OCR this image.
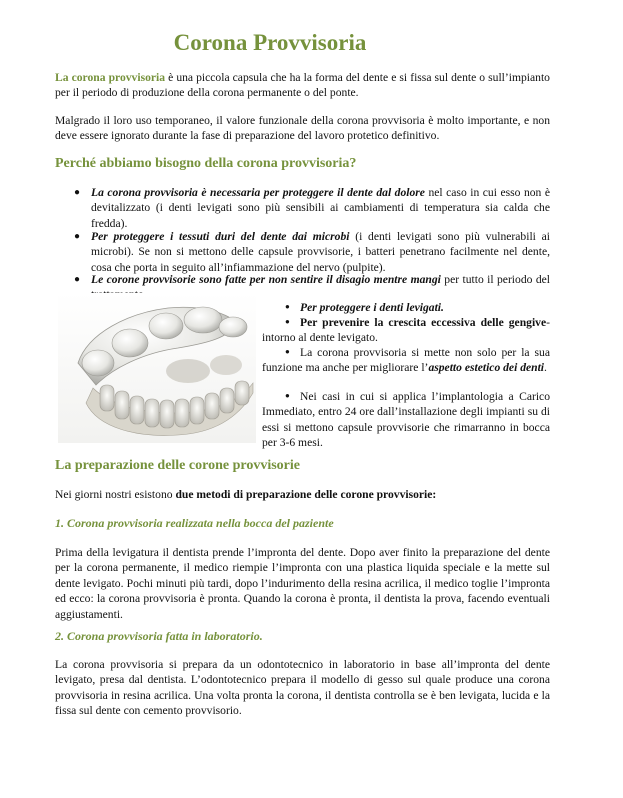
Corona Provvisoria
La corona provvisoria è una piccola capsula che ha la forma del dente e si fissa sul dente o sull’impianto per il periodo di produzione della corona permanente o del ponte.
Malgrado il loro uso temporaneo, il valore funzionale della corona provvisoria è molto importante, e non deve essere ignorato durante la fase di preparazione del lavoro protetico definitivo.
Perché abbiamo bisogno della corona provvisoria?
● La corona provvisoria è necessaria per proteggere il dente dal dolore nel caso in cui esso non è devitalizzato (i denti levigati sono più sensibili ai cambiamenti di temperatura sia calda che fredda).
● Per proteggere i tessuti duri del dente dai microbi (i denti levigati sono più vulnerabili ai microbi). Se non si mettono delle capsule provvisorie, i batteri penetrano facilmente nel dente, cosa che porta in seguito all’infiammazione del nervo (pulpite).
● Le corone provvisorie sono fatte per non sentire il disagio mentre mangi per tutto il periodo del
● Per proteggere i denti levigati.
● Per prevenire la crescita eccessiva delle gengive- intorno al dente levigato.
● La corona provvisoria si mette non solo per la sua funzione ma anche per migliorare l’aspetto estetico dei denti.
● Nei casi in cui si applica l’implantologia a Carico Immediato, entro 24 ore dall’installazione degli impianti su di essi si mettono capsule provvisorie che rimarranno in bocca per 3-6 mesi.
La preparazione delle corone provvisorie
Nei giorni nostri esistono due metodi di preparazione delle corone provvisorie:
1. Corona provvisoria realizzata nella bocca del paziente
Prima della levigatura il dentista prende l’impronta del dente. Dopo aver finito la preparazione del dente per la corona permanente, il medico riempie l’impronta con una plastica liquida speciale e la mette sul dente levigato. Pochi minuti più tardi, dopo l’indurimento della resina acrilica, il medico toglie l’impronta ed ecco: la corona provvisoria è pronta. Quando la corona è pronta, il dentista la prova, facendo eventuali aggiustamenti.
2. Corona provvisoria fatta in laboratorio.
La corona provvisoria si prepara da un odontotecnico in laboratorio in base all’impronta del dente levigato, presa dal dentista. L’odontotecnico prepara il modello di gesso sul quale produce una corona provvisoria in resina acrilica. Una volta pronta la corona, il dentista controlla se è ben levigata, lucida e la fissa sul dente con cemento provvisorio.
